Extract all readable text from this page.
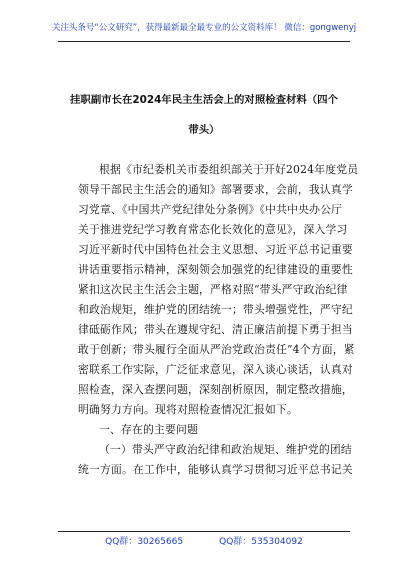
关注头条号“公文研究”，获得最新最全最专业的公文资料库！ 微信：gongwenyj
挂职副市长在2024年民主生活会上的对照检查材料（四个
带头）
根据《市纪委机关市委组织部关于开好2024年度党员
领导干部民主生活会的通知》部署要求，会前，我认真学
习党章、《中国共产党纪律处分条例》《中共中央办公厅
关于推进党纪学习教育常态化长效化的意见》，深入学习
习近平新时代中国特色社会主义思想、习近平总书记重要
讲话重要指示精神，深刻领会加强党的纪律建设的重要性
紧扣这次民主生活会主题，严格对照“带头严守政治纪律
和政治规矩，维护党的团结统一；带头增强党性，严守纪
律砥砺作风；带头在遵规守纪、清正廉洁前提下勇于担当
敢于创新；带头履行全面从严治党政治责任”4个方面，紧
密联系工作实际，广泛征求意见，深入谈心谈话，认真对
照检查，深入查摆问题，深刻剖析原因，制定整改措施，
明确努力方向。现将对照检查情况汇报如下。
一、存在的主要问题
（一）带头严守政治纪律和政治规矩、维护党的团结
统一方面。在工作中，能够认真学习贯彻习近平总书记关
QQ群：30265665	QQ群：535304092
